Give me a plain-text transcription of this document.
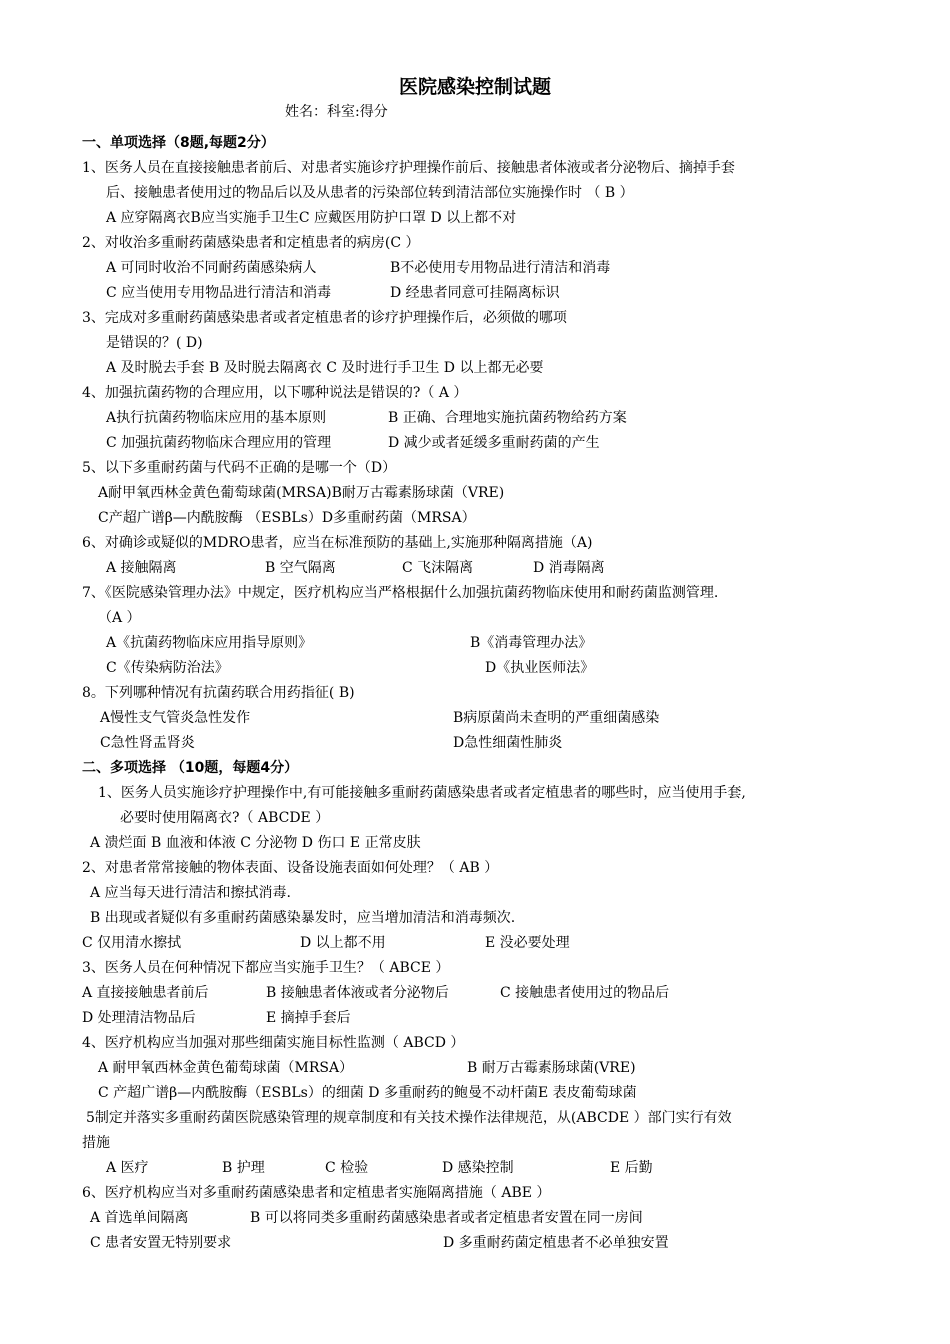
医院感染控制试题
姓名：科室:得分
一、单项选择（8题,每题2分）
1、医务人员在直接接触患者前后、对患者实施诊疗护理操作前后、接触患者体液或者分泌物后、摘掉手套
后、接触患者使用过的物品后以及从患者的污染部位转到清洁部位实施操作时 （ B ）
A 应穿隔离衣B应当实施手卫生C 应戴医用防护口罩 D 以上都不对
2、对收治多重耐药菌感染患者和定植患者的病房(C ）
A 可同时收治不同耐药菌感染病人	B不必使用专用物品进行清洁和消毒
C 应当使用专用物品进行清洁和消毒	D 经患者同意可挂隔离标识
3、完成对多重耐药菌感染患者或者定植患者的诊疗护理操作后，必须做的哪项
是错误的？( D)
A 及时脱去手套 B 及时脱去隔离衣 C 及时进行手卫生 D 以上都无必要
4、加强抗菌药物的合理应用，以下哪种说法是错误的?（ A ）
A执行抗菌药物临床应用的基本原则	B 正确、合理地实施抗菌药物给药方案
C 加强抗菌药物临床合理应用的管理	D 减少或者延缓多重耐药菌的产生
5、以下多重耐药菌与代码不正确的是哪一个（D）
A耐甲氧西林金黄色葡萄球菌(MRSA)B耐万古霉素肠球菌（VRE)
C产超广谱β—内酰胺酶 （ESBLs）D多重耐药菌（MRSA）
6、对确诊或疑似的MDRO患者，应当在标准预防的基础上,实施那种隔离措施（A)
A 接触隔离	B 空气隔离	C 飞沫隔离	D 消毒隔离
7、《医院感染管理办法》中规定，医疗机构应当严格根据什么加强抗菌药物临床使用和耐药菌监测管理.
（A ）
A《抗菌药物临床应用指导原则》	B《消毒管理办法》
C《传染病防治法》	D《执业医师法》
8。下列哪种情况有抗菌药联合用药指征( B)
A慢性支气管炎急性发作	B病原菌尚未查明的严重细菌感染
C急性肾盂肾炎	D急性细菌性肺炎
二、多项选择 （10题，每题4分）
1、医务人员实施诊疗护理操作中,有可能接触多重耐药菌感染患者或者定植患者的哪些时，应当使用手套,
必要时使用隔离衣?（ ABCDE ）
A 溃烂面 B 血液和体液 C 分泌物 D 伤口 E 正常皮肤
2、对患者常常接触的物体表面、设备设施表面如何处理？（ AB ）
A 应当每天进行清洁和擦拭消毒.
B 出现或者疑似有多重耐药菌感染暴发时，应当增加清洁和消毒频次.
C 仅用清水擦拭	D 以上都不用	E 没必要处理
3、医务人员在何种情况下都应当实施手卫生？（ ABCE ）
A 直接接触患者前后	B 接触患者体液或者分泌物后	C 接触患者使用过的物品后
D 处理清洁物品后	E 摘掉手套后
4、医疗机构应当加强对那些细菌实施目标性监测（ ABCD ）
A 耐甲氧西林金黄色葡萄球菌（MRSA）	B 耐万古霉素肠球菌(VRE)
C 产超广谱β—内酰胺酶（ESBLs）的细菌 D 多重耐药的鲍曼不动杆菌E 表皮葡萄球菌
5制定并落实多重耐药菌医院感染管理的规章制度和有关技术操作法律规范，从(ABCDE ）部门实行有效
措施
A 医疗	B 护理	C 检验	D 感染控制	E 后勤
6、医疗机构应当对多重耐药菌感染患者和定植患者实施隔离措施（ ABE ）
A 首选单间隔离	B 可以将同类多重耐药菌感染患者或者定植患者安置在同一房间
C 患者安置无特别要求	D 多重耐药菌定植患者不必单独安置
